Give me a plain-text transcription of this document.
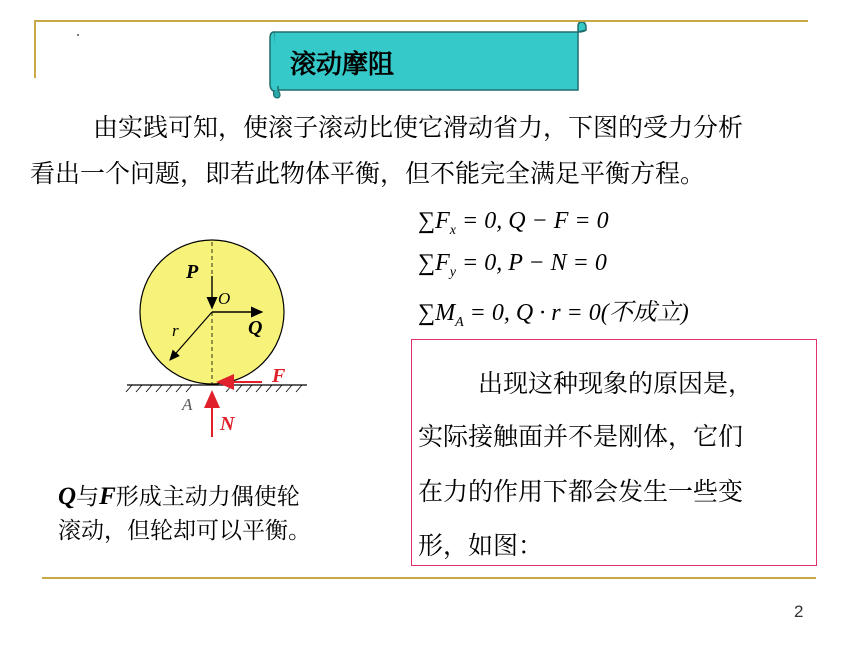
滚动摩阻
由实践可知，使滚子滚动比使它滑动省力，下图的受力分析
看出一个问题，即若此物体平衡，但不能完全满足平衡方程。
$\sum F_x = 0$, Q − F = 0
$\sum F_y = 0$, P − N = 0
$\sum M_A = 0$, Q · r = 0(不成立)
P
O
Q
r
F
A
N
Q与F形成主动力偶使轮
滚动，但轮却可以平衡。
出现这种现象的原因是，
实际接触面并不是刚体，它们
在力的作用下都会发生一些变
形，如图：
2
